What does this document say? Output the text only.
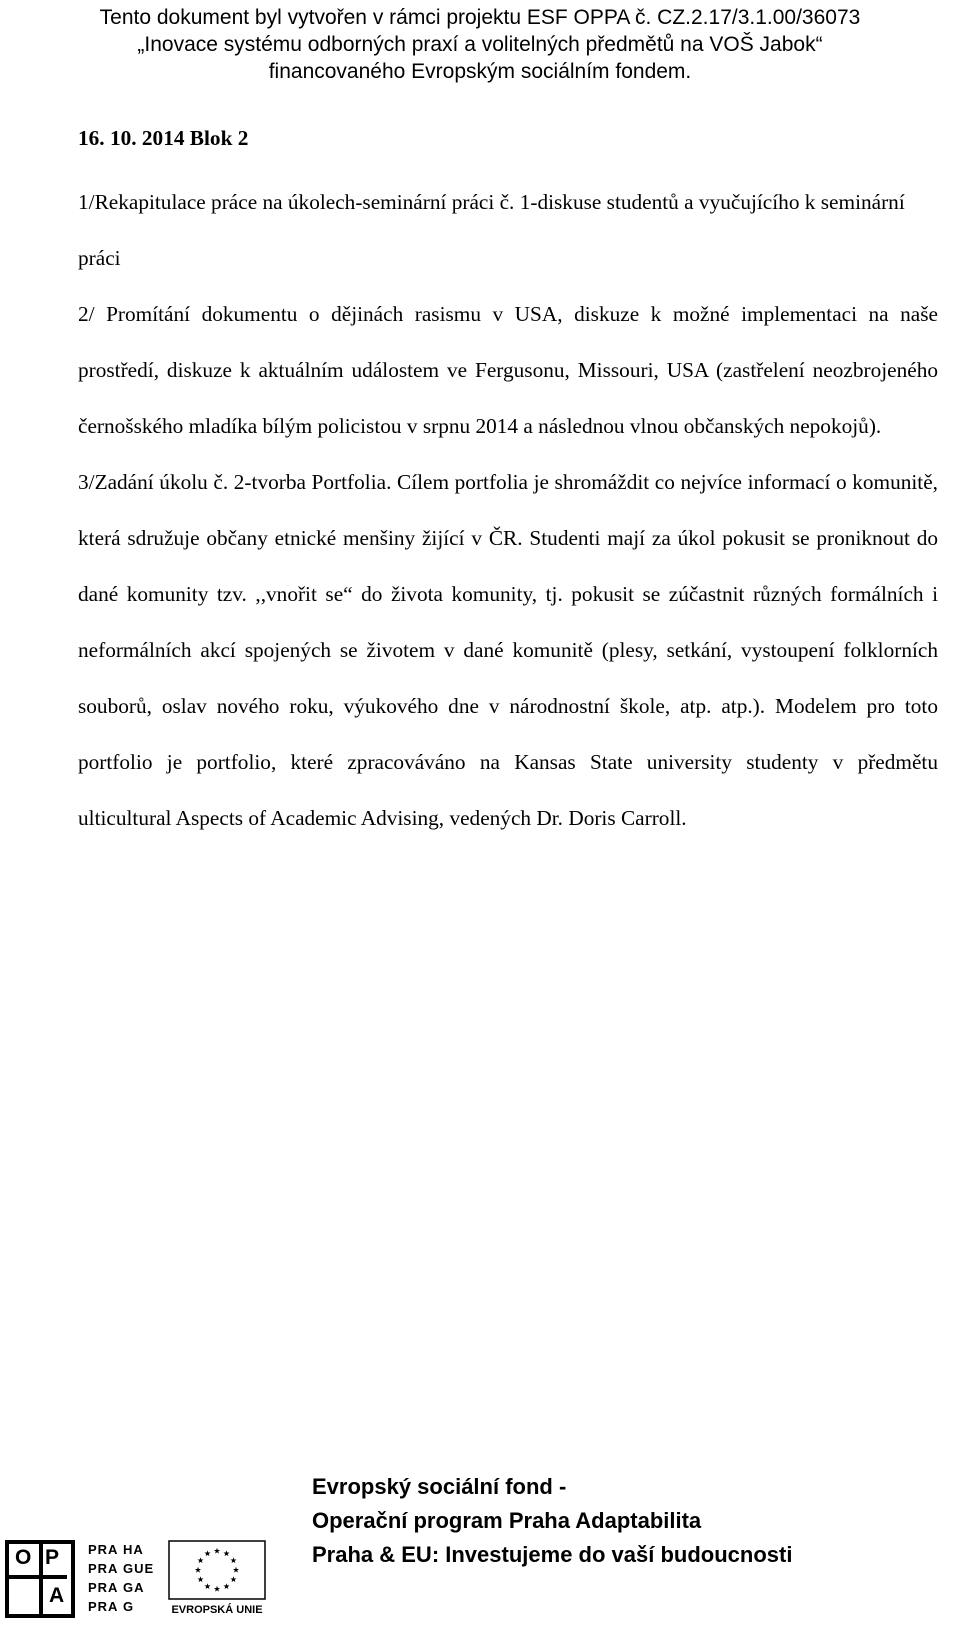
Tento dokument byl vytvořen v rámci projektu ESF OPPA č. CZ.2.17/3.1.00/36073
„Inovace systému odborných praxí a volitelných předmětů na VOŠ Jabok“
financovaného Evropským sociálním fondem.

16. 10. 2014 Blok 2

1/Rekapitulace práce na úkolech-seminární práci č. 1-diskuse studentů a vyučujícího k seminární práci

2/ Promítání dokumentu o dějinách rasismu v USA, diskuze k možné implementaci na naše prostředí, diskuze k aktuálním událostem ve Fergusonu, Missouri, USA (zastřelení neozbrojeného černošského mladíka bílým policistou v srpnu 2014 a následnou vlnou občanských nepokojů).

3/Zadání úkolu č. 2-tvorba Portfolia. Cílem portfolia je shromáždit co nejvíce informací o komunitě, která sdružuje občany etnické menšiny žijící v ČR. Studenti mají za úkol pokusit se proniknout do dané komunity tzv. ,,vnořit se“ do života komunity, tj. pokusit se zúčastnit různých formálních i neformálních akcí spojených se životem v dané komunitě (plesy, setkání, vystoupení folklorních souborů, oslav nového roku, výukového dne v národnostní škole, atp. atp.). Modelem pro toto portfolio je portfolio, které zpracováváno na Kansas State university studenty v předmětu ulticultural Aspects of Academic Advising, vedených Dr. Doris Carroll.

O P
A
PRA HA
PRA GUE
PRA GA
PRA G	EVROPSKÁ UNIE
Evropský sociální fond -
Operační program Praha Adaptabilita
Praha & EU: Investujeme do vaší budoucnosti
